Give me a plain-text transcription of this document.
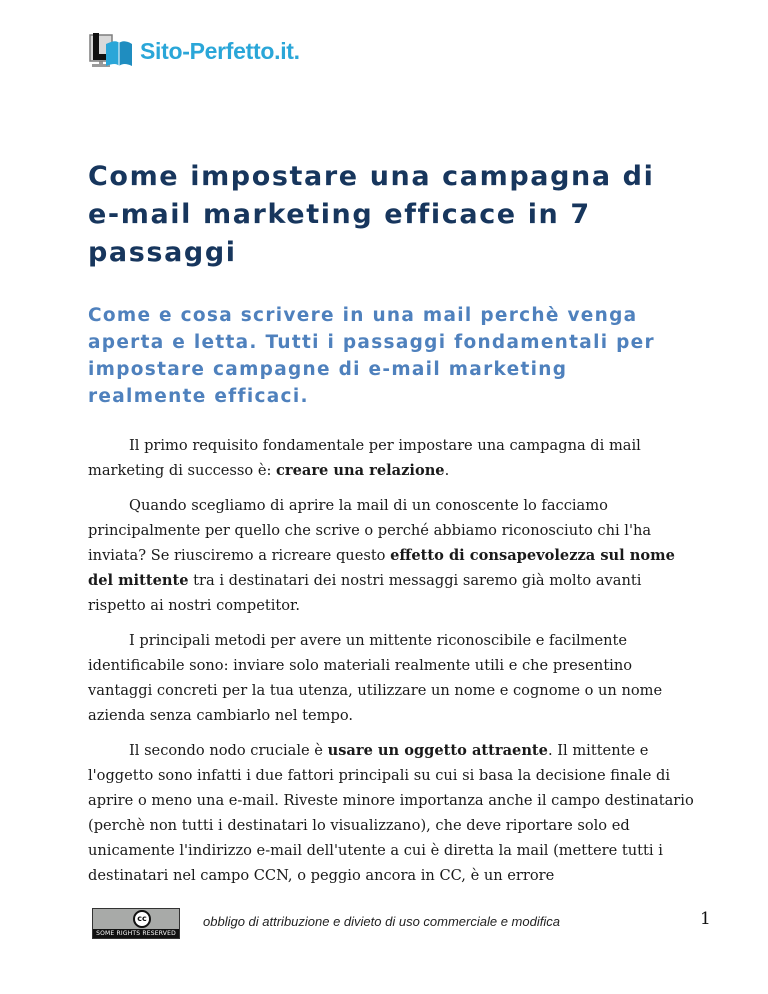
Sito-Perfetto.it.
Come impostare una campagna di e-mail marketing efficace in 7 passaggi
Come e cosa scrivere in una mail perchè venga aperta e letta. Tutti i passaggi fondamentali per impostare campagne di e-mail marketing realmente efficaci.

Il primo requisito fondamentale per impostare una campagna di mail marketing di successo è: creare una relazione.

Quando scegliamo di aprire la mail di un conoscente lo facciamo principalmente per quello che scrive o perché abbiamo riconosciuto chi l'ha inviata? Se riusciremo a ricreare questo effetto di consapevolezza sul nome del mittente tra i destinatari dei nostri messaggi saremo già molto avanti rispetto ai nostri competitor.

I principali metodi per avere un mittente riconoscibile e facilmente identificabile sono: inviare solo materiali realmente utili e che presentino vantaggi concreti per la tua utenza, utilizzare un nome e cognome o un nome azienda senza cambiarlo nel tempo.

Il secondo nodo cruciale è usare un oggetto attraente. Il mittente e l'oggetto sono infatti i due fattori principali su cui si basa la decisione finale di aprire o meno una e-mail. Riveste minore importanza anche il campo destinatario (perchè non tutti i destinatari lo visualizzano), che deve riportare solo ed unicamente l'indirizzo e-mail dell'utente a cui è diretta la mail (mettere tutti i destinatari nel campo CCN, o peggio ancora in CC, è un errore

cc
SOME RIGHTS RESERVED
obbligo di attribuzione e divieto di uso commerciale e modifica	1
